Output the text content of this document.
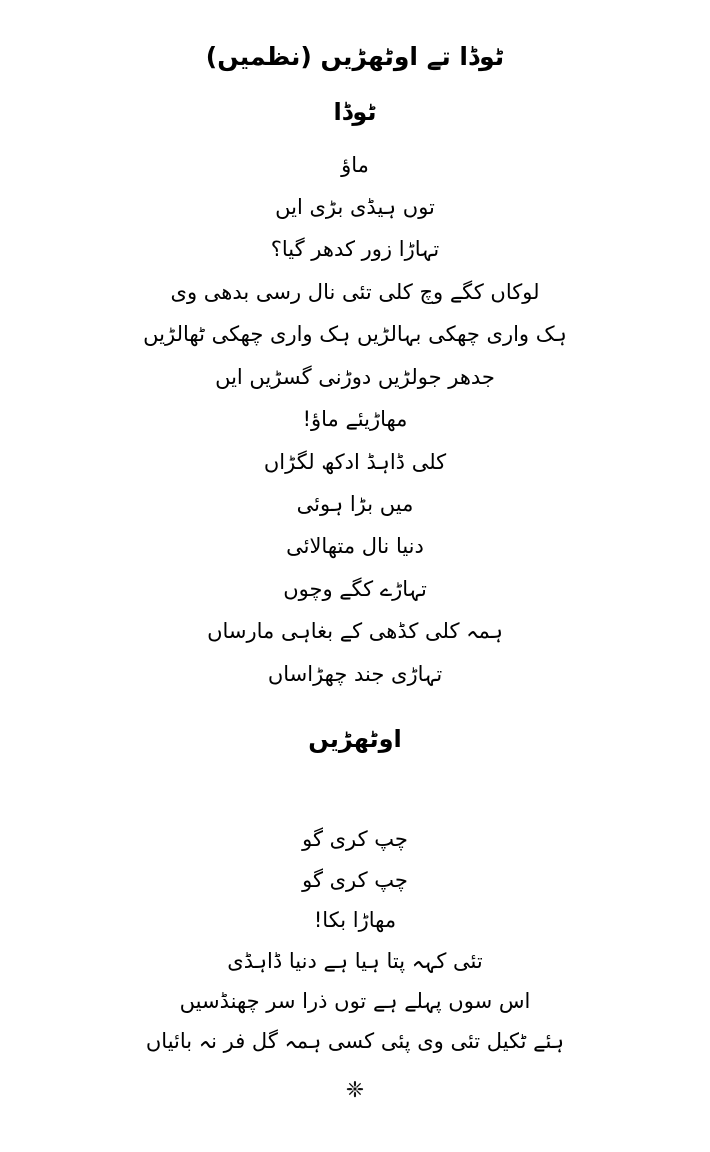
ٹوڈا تے اوٹھڑیں (نظمیں)
ٹوڈا
ماؤ
توں ہیڈی بڑی ایں
تہاڑا زور کدھر گیا؟
لوکاں کگے وچ کلی تئی نال رسی بدھی وی
ہک واری چھکی بہالڑیں ہک واری چھکی ٹھالڑیں
جدھر جولڑیں دوڑنی گسڑیں ایں
مھاڑیئے ماؤ!
کلی ڈاہڈ ادکھ لگڑاں
میں بڑا ہوئی
دنیا نال متھالائی
تہاڑے کگے وچوں
ہمہ کلی کڈھی کے بغاہی مارساں
تہاڑی جند چھڑاساں
اوٹھڑیں
چپ کری گو
چپ کری گو
مھاڑا بکا!
تئی کہہ پتا ہیا ہے دنیا ڈاہڈی
اس سوں پہلے ہے توں ذرا سر چھنڈسیں
ہئے ٹکیل تئی وی پئی کسی ہمہ گل فر نہ بائیاں
❈
